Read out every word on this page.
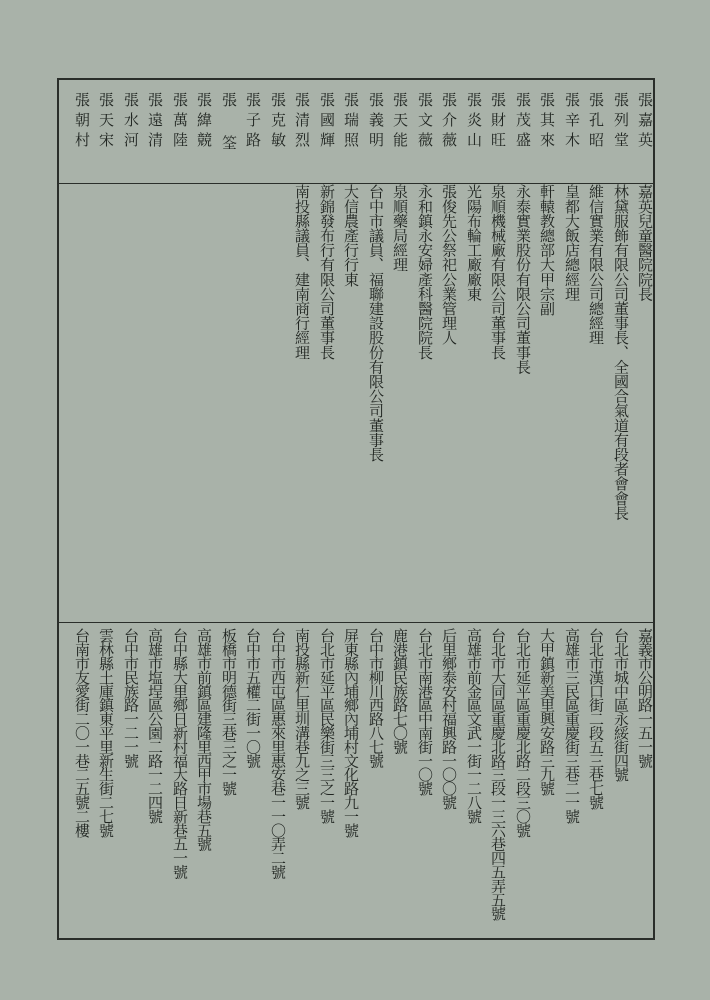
張嘉英
嘉英兒童醫院院長
嘉義市公明路一五一號
張列堂
林黛服飾有限公司董事長、全國合氣道有段者會會長
台北市城中區永綏街四號
張孔昭
維信實業有限公司總經理
台北市漢口街二段五三巷七號
張辛木
皇都大飯店總經理
高雄市三民區重慶街三巷二一號
張其來
軒轅教總部大甲宗副
大甲鎮新美里興安路三九號
張茂盛
永泰實業股份有限公司董事長
台北市延平區重慶北路二段三〇號
張財旺
泉順機械廠有限公司董事長
台北市大同區重慶北路三段一三六巷四五弄五號
張炎山
光陽布輪工廠廠東
高雄市前金區文武一街一二八號
張介薇
張俊先公祭祀公業管理人
后里鄉泰安村福興路一〇〇號
張文薇
永和鎮永安婦產科醫院院長
台北市南港區中南街一〇號
張天能
泉順藥局經理
鹿港鎮民族路七〇號
張義明
台中市議員、福聯建設股份有限公司董事長
台中市柳川西路八七號
張瑞照
大信農產行行東
屏東縣內埔鄉內埔村文化路九一號
張國輝
新錦發布行有限公司董事長
台北市延平區民樂街三三之一號
張清烈
南投縣議員、建南商行經理
南投縣新仁里圳溝巷九之三號
張克敏
台中市西屯區惠來里惠安巷一一〇弄二號
張子路
台中市五權二街一〇號
張 筌
板橋市明德街三巷三之一號
張緯競
高雄市前鎮區建隆里西甲市場巷五號
張萬陸
台中縣大里鄉日新村福大路日新巷五一號
張遠清
高雄市塩埕區公園二路一二四號
張水河
台中市民族路一二一號
張天宋
雲林縣土庫鎮東平里新生街二七號
張朝村
台南市友愛街二〇一巷二五號二樓
